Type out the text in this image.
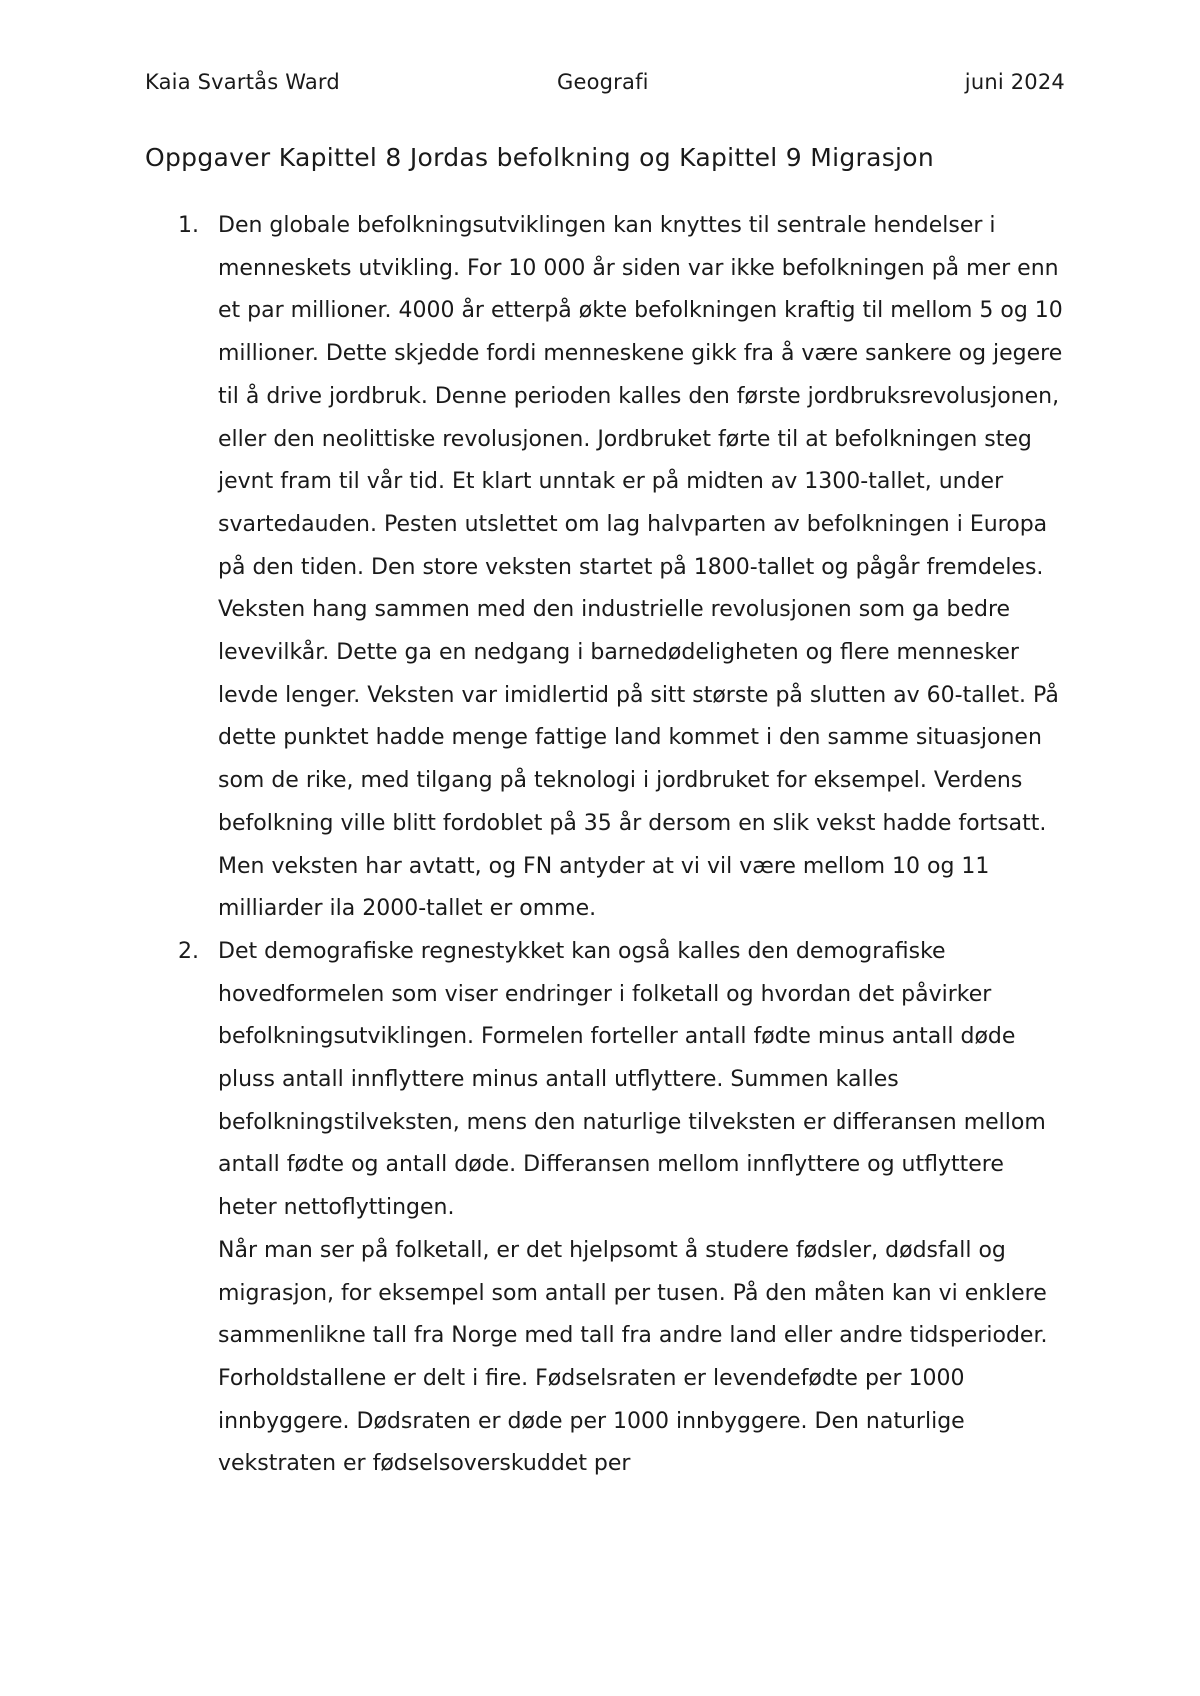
Kaia Svartås Ward	Geografi	juni 2024
Oppgaver Kapittel 8 Jordas befolkning og Kapittel 9 Migrasjon
1. Den globale befolkningsutviklingen kan knyttes til sentrale hendelser i menneskets utvikling. For 10 000 år siden var ikke befolkningen på mer enn et par millioner. 4000 år etterpå økte befolkningen kraftig til mellom 5 og 10 millioner. Dette skjedde fordi menneskene gikk fra å være sankere og jegere til å drive jordbruk. Denne perioden kalles den første jordbruksrevolusjonen, eller den neolittiske revolusjonen. Jordbruket førte til at befolkningen steg jevnt fram til vår tid. Et klart unntak er på midten av 1300-tallet, under svartedauden. Pesten utslettet om lag halvparten av befolkningen i Europa på den tiden. Den store veksten startet på 1800-tallet og pågår fremdeles. Veksten hang sammen med den industrielle revolusjonen som ga bedre levevilkår. Dette ga en nedgang i barnedødeligheten og flere mennesker levde lenger. Veksten var imidlertid på sitt største på slutten av 60-tallet. På dette punktet hadde menge fattige land kommet i den samme situasjonen som de rike, med tilgang på teknologi i jordbruket for eksempel. Verdens befolkning ville blitt fordoblet på 35 år dersom en slik vekst hadde fortsatt. Men veksten har avtatt, og FN antyder at vi vil være mellom 10 og 11 milliarder ila 2000-tallet er omme.

2. Det demografiske regnestykket kan også kalles den demografiske hovedformelen som viser endringer i folketall og hvordan det påvirker befolkningsutviklingen. Formelen forteller antall fødte minus antall døde pluss antall innflyttere minus antall utflyttere. Summen kalles befolkningstilveksten, mens den naturlige tilveksten er differansen mellom antall fødte og antall døde. Differansen mellom innflyttere og utflyttere heter nettoflyttingen.

Når man ser på folketall, er det hjelpsomt å studere fødsler, dødsfall og migrasjon, for eksempel som antall per tusen. På den måten kan vi enklere sammenlikne tall fra Norge med tall fra andre land eller andre tidsperioder. Forholdstallene er delt i fire. Fødselsraten er levendefødte per 1000 innbyggere. Dødsraten er døde per 1000 innbyggere. Den naturlige vekstraten er fødselsoverskuddet per
